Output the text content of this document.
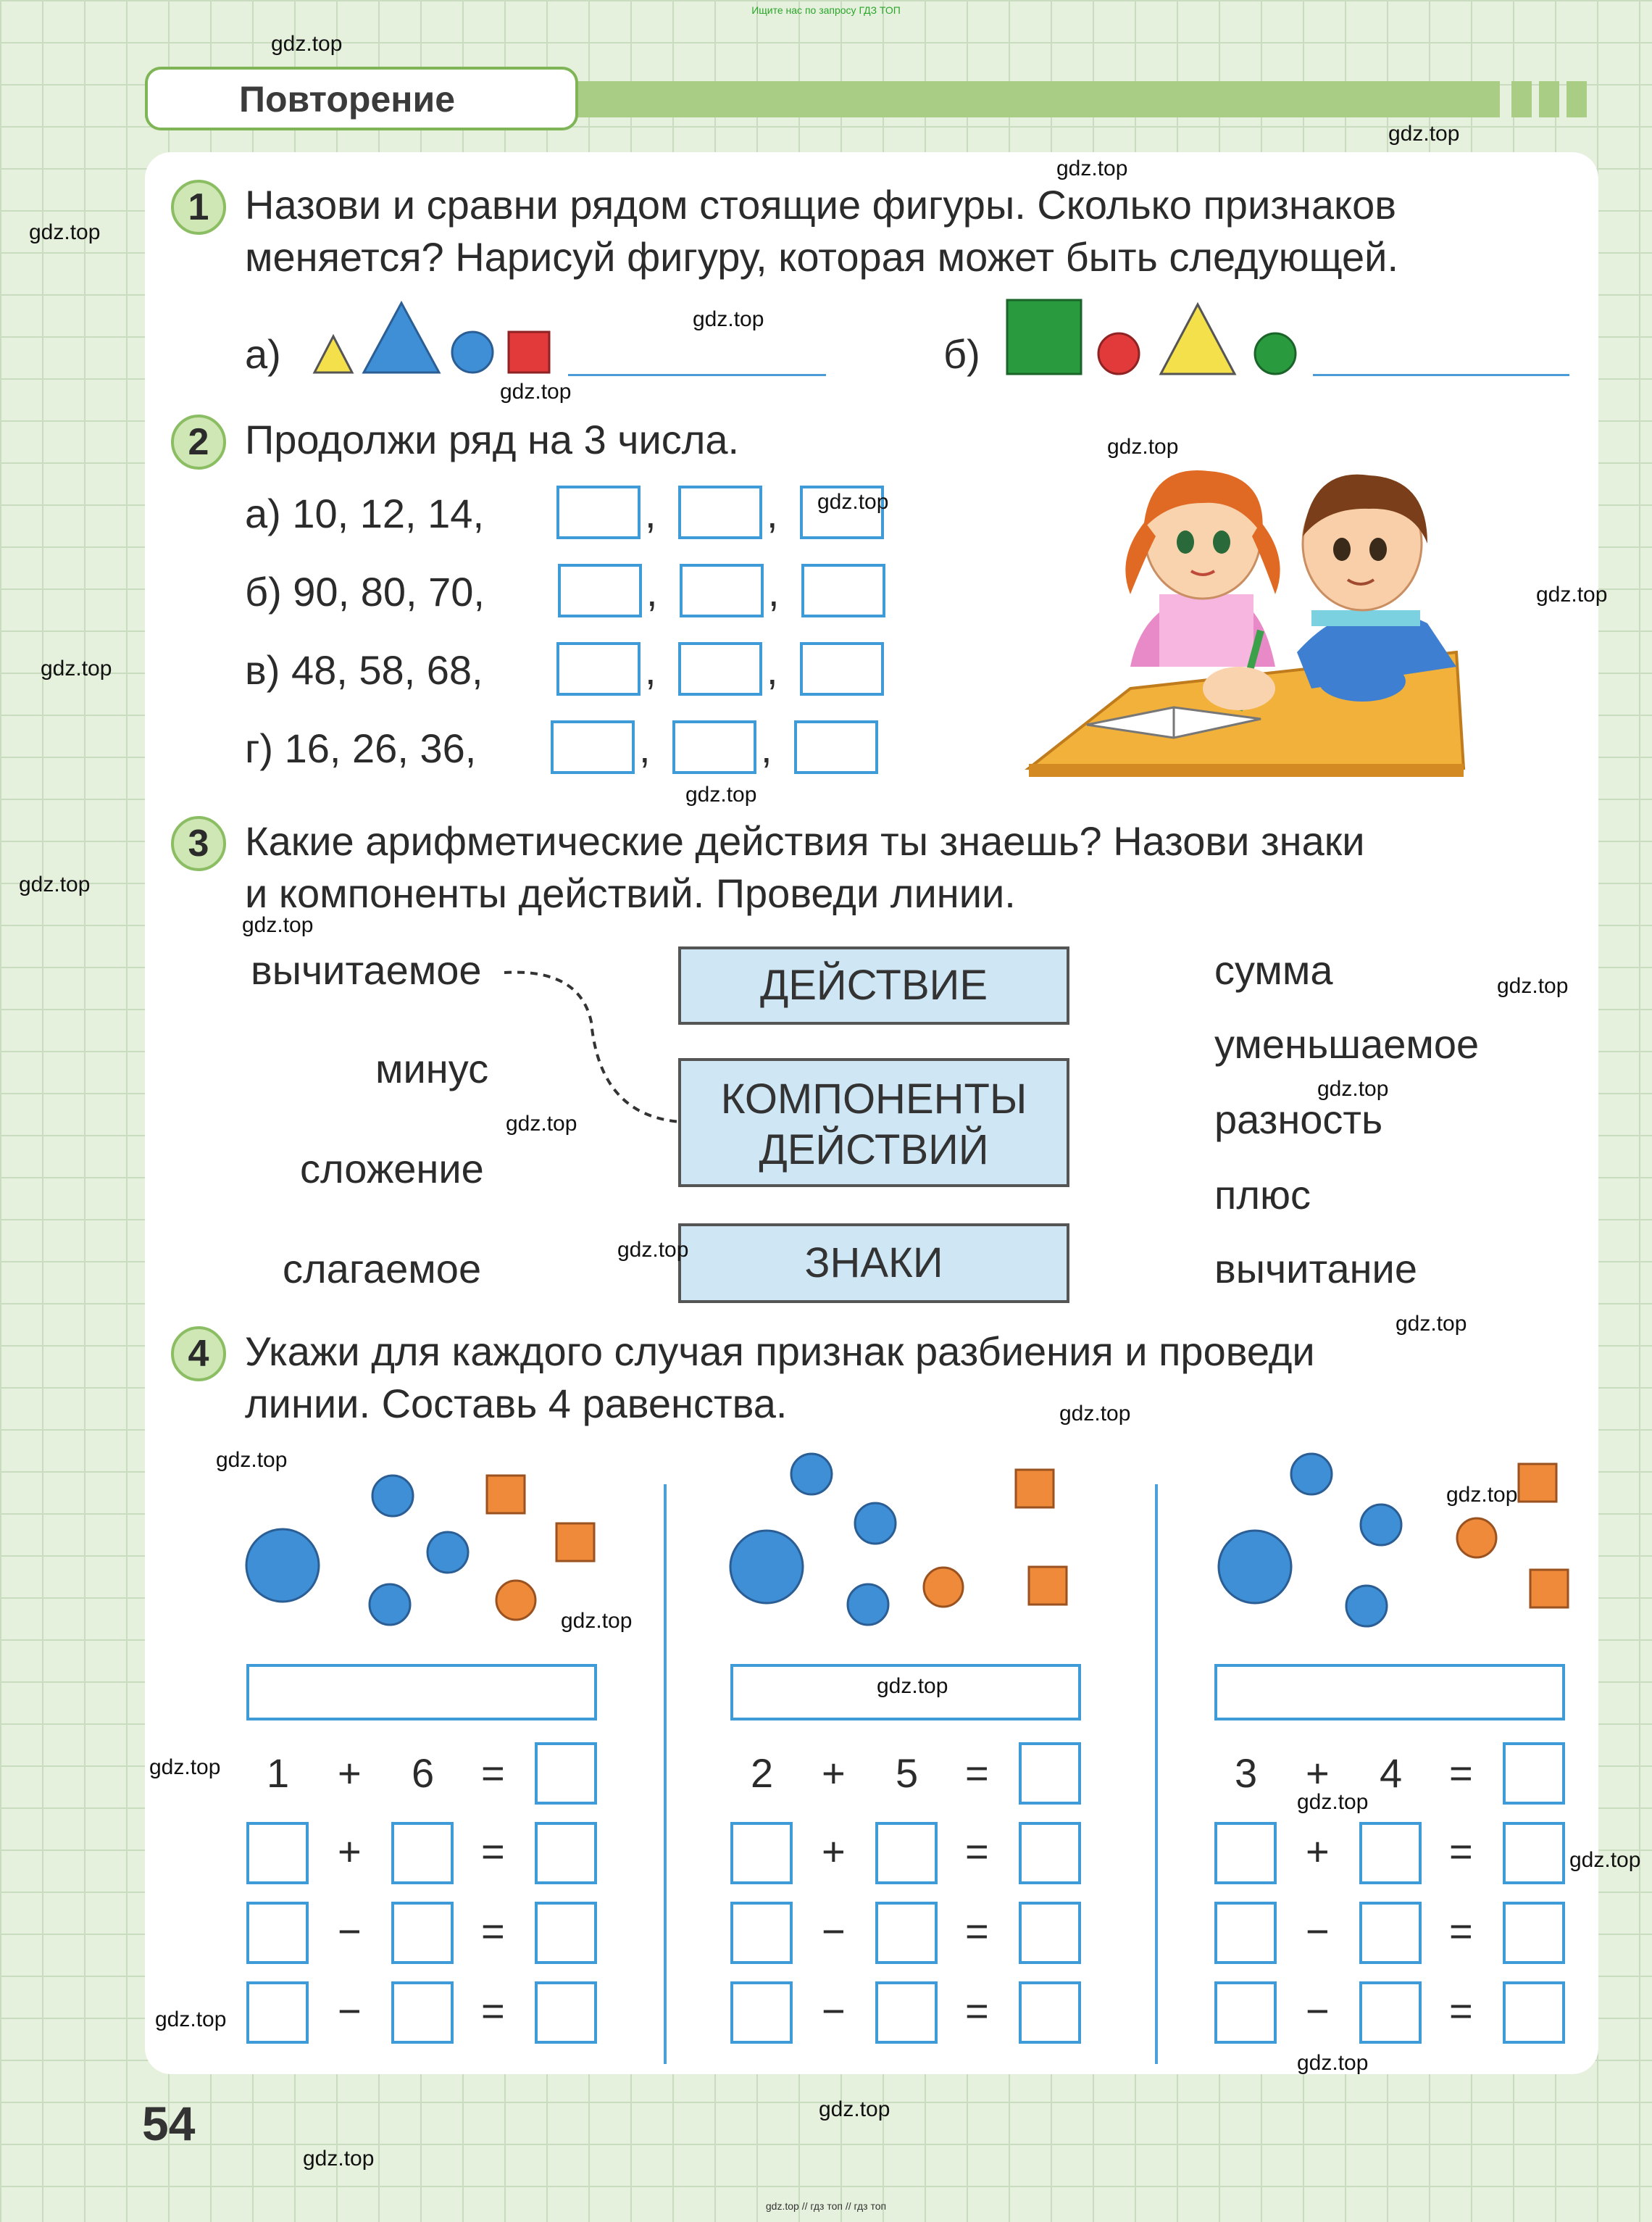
Ищите нас по запросу ГДЗ ТОП
Повторение
1 Назови и сравни рядом стоящие фигуры. Сколько признаков
меняется? Нарисуй фигуру, которая может быть следующей.
а)	б)
2 Продолжи ряд на 3 числа.
а) 10, 12, 14,	,	,
б) 90, 80, 70,	,	,
в) 48, 58, 68,	,	,
г) 16, 26, 36,	,	,
3 Какие арифметические действия ты знаешь? Назови знаки
и компоненты действий. Проведи линии.
вычитаемое
минус
сложение
слагаемое
ДЕЙСТВИЕ
КОМПОНЕНТЫ
ДЕЙСТВИЙ
ЗНАКИ
сумма
уменьшаемое
разность
плюс
вычитание
4 Укажи для каждого случая признак разбиения и проведи
линии. Составь 4 равенства.
1 + 6 =
+	=
−	=
−	=
2 + 5 =
+	=
−	=
−	=
3 + 4 =
+	=
−	=
−	=
54
gdz.top
gdz.top
gdz.top
gdz.top
gdz.top
gdz.top
gdz.top
gdz.top
gdz.top
gdz.top
gdz.top
gdz.top
gdz.top
gdz.top
gdz.top
gdz.top
gdz.top
gdz.top
gdz.top
gdz.top
gdz.top
gdz.top
gdz.top
gdz.top
gdz.top
gdz.top
gdz.top
gdz.top
gdz.top
gdz.top
gdz.top // гдз топ // гдз топ
